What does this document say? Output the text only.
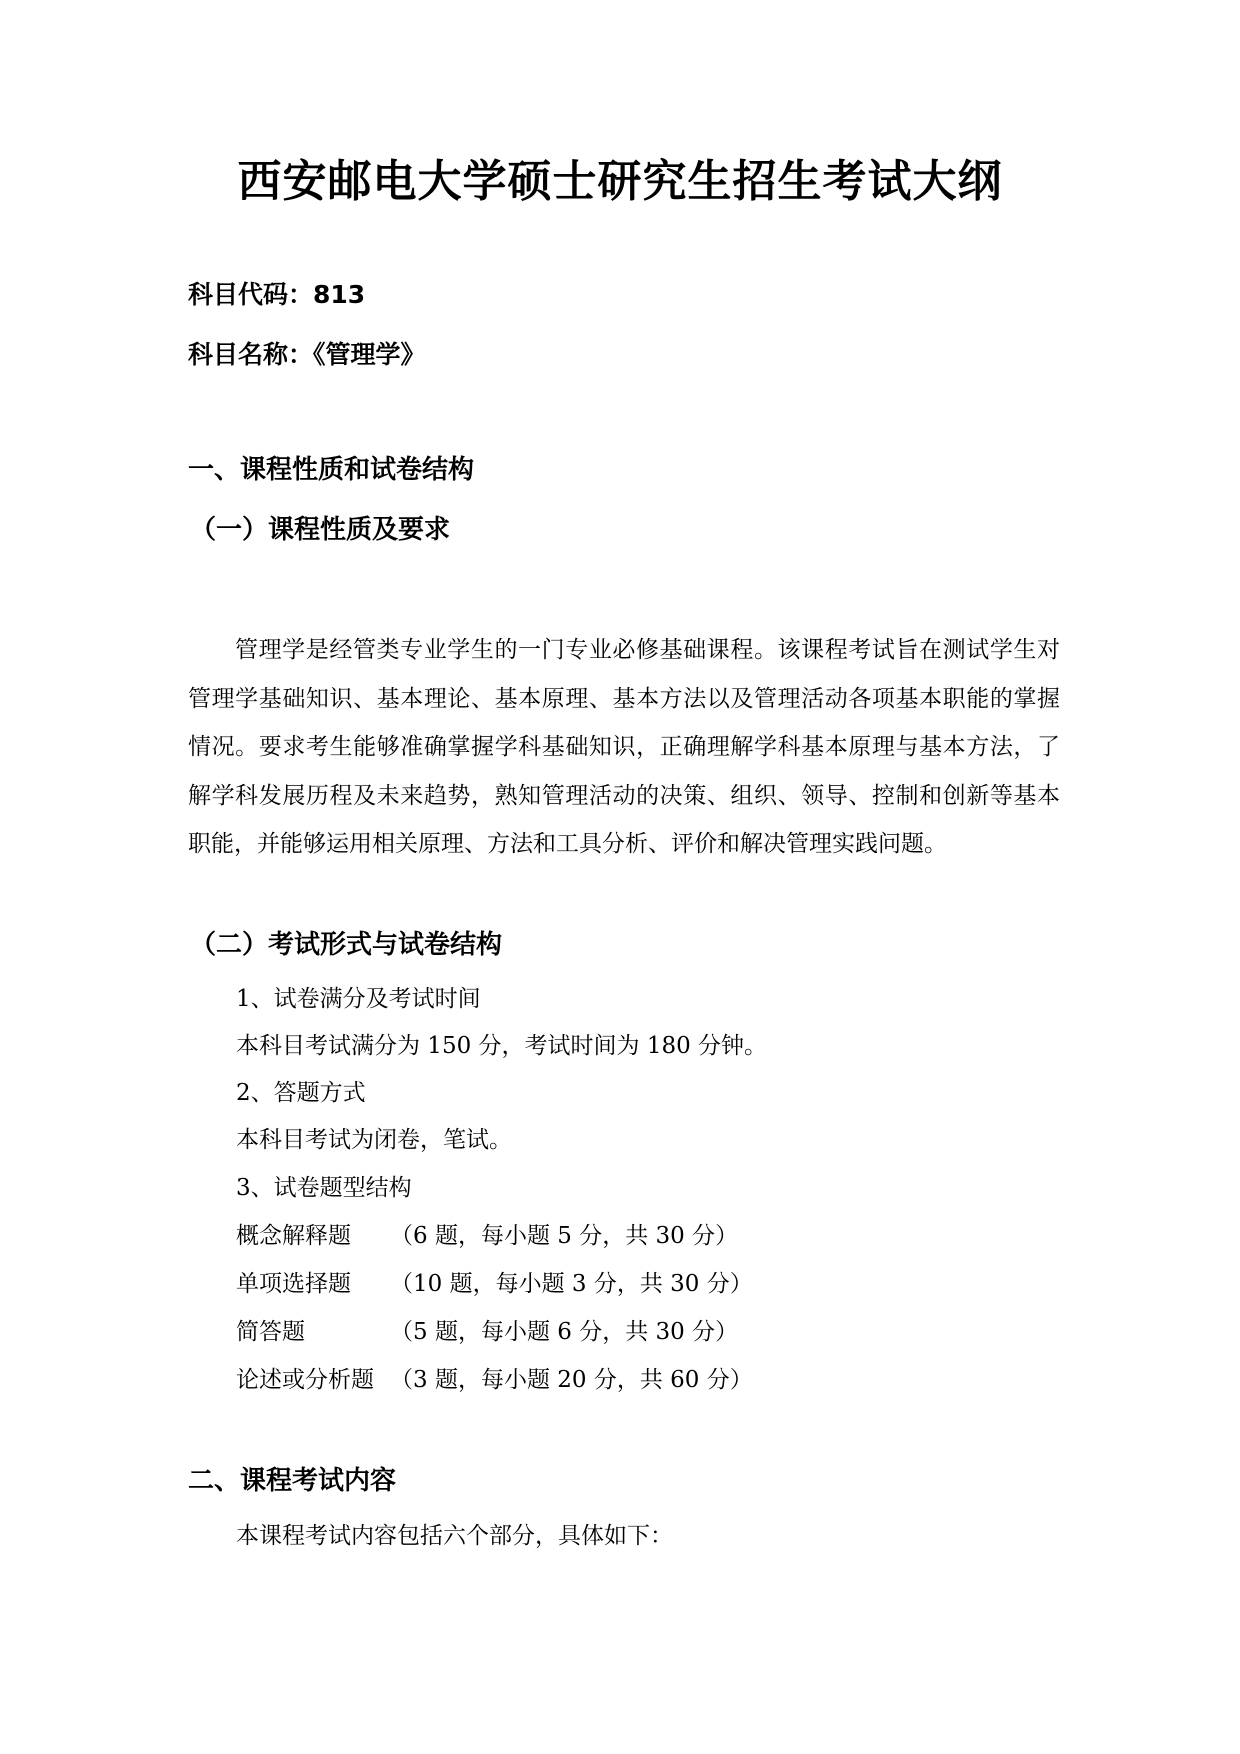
西安邮电大学硕士研究生招生考试大纲
科目代码：813
科目名称：《管理学》
一、课程性质和试卷结构
（一）课程性质及要求
管理学是经管类专业学生的一门专业必修基础课程。该课程考试旨在测试学生对管理学基础知识、基本理论、基本原理、基本方法以及管理活动各项基本职能的掌握情况。要求考生能够准确掌握学科基础知识，正确理解学科基本原理与基本方法，了解学科发展历程及未来趋势，熟知管理活动的决策、组织、领导、控制和创新等基本职能，并能够运用相关原理、方法和工具分析、评价和解决管理实践问题。
（二）考试形式与试卷结构
1、试卷满分及考试时间
本科目考试满分为 150 分，考试时间为 180 分钟。
2、答题方式
本科目考试为闭卷，笔试。
3、试卷题型结构
概念解释题 （6 题，每小题 5 分，共 30 分）
单项选择题 （10 题，每小题 3 分，共 30 分）
简答题	（5 题，每小题 6 分，共 30 分）
论述或分析题 （3 题，每小题 20 分，共 60 分）
二、课程考试内容
本课程考试内容包括六个部分，具体如下：
